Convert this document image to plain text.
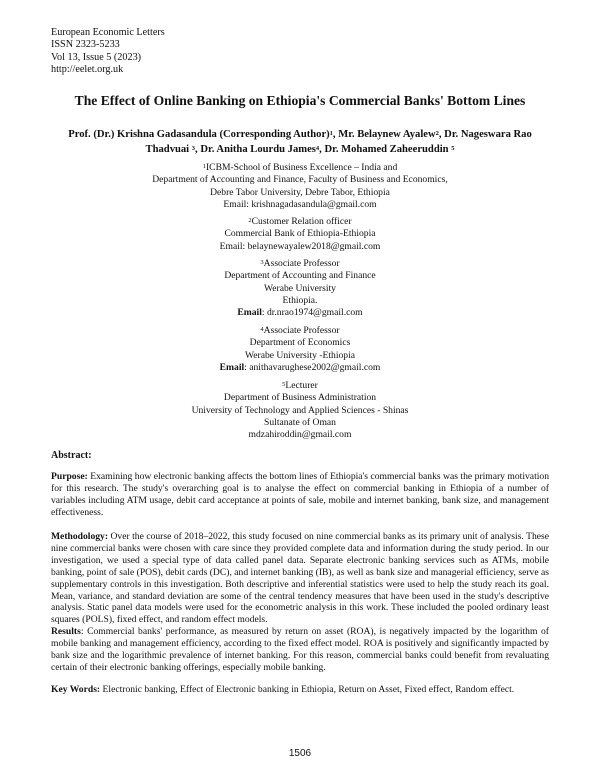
European Economic Letters
ISSN 2323-5233
Vol 13, Issue 5 (2023)
http://eelet.org.uk
The Effect of Online Banking on Ethiopia's Commercial Banks' Bottom Lines
Prof. (Dr.) Krishna Gadasandula (Corresponding Author)$^1$, Mr. Belaynew Ayalew$^2$, Dr. Nageswara Rao
Thadvuai $^3$, Dr. Anitha Lourdu James$^4$, Dr. Mohamed Zaheeruddin $^5$
$^1$ICBM-School of Business Excellence – India and
Department of Accounting and Finance, Faculty of Business and Economics,
Debre Tabor University, Debre Tabor, Ethiopia
Email: krishnagadasandula@gmail.com
$^2$Customer Relation officer
Commercial Bank of Ethiopia-Ethiopia
Email: belaynewayalew2018@gmail.com
$^3$Associate Professor
Department of Accounting and Finance
Werabe University
Ethiopia.
Email: dr.nrao1974@gmail.com
$^4$Associate Professor
Department of Economics
Werabe University -Ethiopia
Email: anithavarughese2002@gmail.com
$^5$Lecturer
Department of Business Administration
University of Technology and Applied Sciences - Shinas
Sultanate of Oman
mdzahiroddin@gmail.com
Abstract:
Purpose: Examining how electronic banking affects the bottom lines of Ethiopia's commercial banks was the primary motivation for this research. The study's overarching goal is to analyse the effect on commercial banking in Ethiopia of a number of variables including ATM usage, debit card acceptance at points of sale, mobile and internet banking, bank size, and management effectiveness.
Methodology: Over the course of 2018–2022, this study focused on nine commercial banks as its primary unit of analysis. These nine commercial banks were chosen with care since they provided complete data and information during the study period. In our investigation, we used a special type of data called panel data. Separate electronic banking services such as ATMs, mobile banking, point of sale (POS), debit cards (DC), and internet banking (IB), as well as bank size and managerial efficiency, serve as supplementary controls in this investigation. Both descriptive and inferential statistics were used to help the study reach its goal. Mean, variance, and standard deviation are some of the central tendency measures that have been used in the study's descriptive analysis. Static panel data models were used for the econometric analysis in this work. These included the pooled ordinary least squares (POLS), fixed effect, and random effect models.
Results: Commercial banks' performance, as measured by return on asset (ROA), is negatively impacted by the logarithm of mobile banking and management efficiency, according to the fixed effect model. ROA is positively and significantly impacted by bank size and the logarithmic prevalence of internet banking. For this reason, commercial banks could benefit from revaluating certain of their electronic banking offerings, especially mobile banking.
Key Words: Electronic banking, Effect of Electronic banking in Ethiopia, Return on Asset, Fixed effect, Random effect.
1506
